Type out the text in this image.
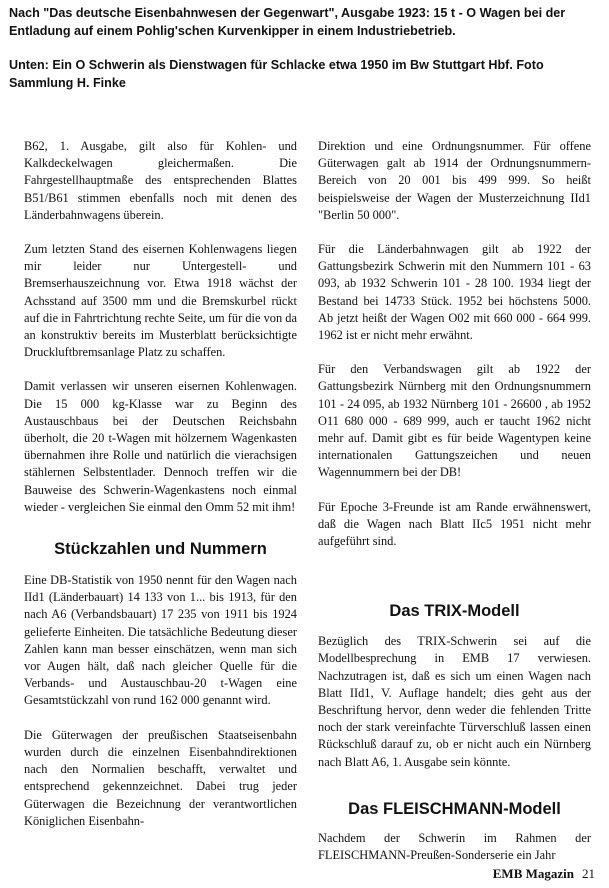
Nach "Das deutsche Eisenbahnwesen der Gegenwart", Ausgabe 1923: 15 t - O Wagen bei der Entladung auf einem Pohlig'schen Kurvenkipper in einem Industriebetrieb.

Unten: Ein O Schwerin als Dienstwagen für Schlacke etwa 1950 im Bw Stuttgart Hbf. Foto Sammlung H. Finke

B62, 1. Ausgabe, gilt also für Kohlen- und Kalkdeckelwagen gleichermaßen. Die Fahrgestellhauptmaße des entsprechenden Blattes B51/B61 stimmen ebenfalls noch mit denen des Länderbahnwagens überein.

Zum letzten Stand des eisernen Kohlenwagens liegen mir leider nur Untergestell- und Bremserhauszeichnung vor. Etwa 1918 wächst der Achsstand auf 3500 mm und die Bremskurbel rückt auf die in Fahrtrichtung rechte Seite, um für die von da an konstruktiv bereits im Musterblatt berücksichtigte Druckluftbremsanlage Platz zu schaffen.

Damit verlassen wir unseren eisernen Kohlenwagen. Die 15 000 kg-Klasse war zu Beginn des Austauschbaus bei der Deutschen Reichsbahn überholt, die 20 t-Wagen mit hölzernem Wagenkasten übernahmen ihre Rolle und natürlich die vierachsigen stählernen Selbstentlader. Dennoch treffen wir die Bauweise des Schwerin-Wagenkastens noch einmal wieder - vergleichen Sie einmal den Omm 52 mit ihm!

Stückzahlen und Nummern

Eine DB-Statistik von 1950 nennt für den Wagen nach IId1 (Länderbauart) 14 133 von 1... bis 1913, für den nach A6 (Verbandsbauart) 17 235 von 1911 bis 1924 gelieferte Einheiten. Die tatsächliche Bedeutung dieser Zahlen kann man besser einschätzen, wenn man sich vor Augen hält, daß nach gleicher Quelle für die Verbands- und Austauschbau-20 t-Wagen eine Gesamtstückzahl von rund 162 000 genannt wird.

Die Güterwagen der preußischen Staatseisenbahn wurden durch die einzelnen Eisenbahndirektionen nach den Normalien beschafft, verwaltet und entsprechend gekennzeichnet. Dabei trug jeder Güterwagen die Bezeichnung der verantwortlichen Königlichen Eisenbahn-

Direktion und eine Ordnungsnummer. Für offene Güterwagen galt ab 1914 der Ordnungsnummern-Bereich von 20 001 bis 499 999. So heißt beispielsweise der Wagen der Musterzeichnung IId1 "Berlin 50 000".

Für die Länderbahnwagen gilt ab 1922 der Gattungsbezirk Schwerin mit den Nummern 101 - 63 093, ab 1932 Schwerin 101 - 28 100. 1934 liegt der Bestand bei 14733 Stück. 1952 bei höchstens 5000. Ab jetzt heißt der Wagen O02 mit 660 000 - 664 999. 1962 ist er nicht mehr erwähnt.

Für den Verbandswagen gilt ab 1922 der Gattungsbezirk Nürnberg mit den Ordnungsnummern 101 - 24 095, ab 1932 Nürnberg 101 - 26600 , ab 1952 O11 680 000 - 689 999, auch er taucht 1962 nicht mehr auf. Damit gibt es für beide Wagentypen keine internationalen Gattungszeichen und neuen Wagennummern bei der DB!

Für Epoche 3-Freunde ist am Rande erwähnenswert, daß die Wagen nach Blatt IIc5 1951 nicht mehr aufgeführt sind.

Das TRIX-Modell

Bezüglich des TRIX-Schwerin sei auf die Modellbesprechung in EMB 17 verwiesen. Nachzutragen ist, daß es sich um einen Wagen nach Blatt IId1, V. Auflage handelt; dies geht aus der Beschriftung hervor, denn weder die fehlenden Tritte noch der stark vereinfachte Türverschluß lassen einen Rückschluß darauf zu, ob er nicht auch ein Nürnberg nach Blatt A6, 1. Ausgabe sein könnte.

Das FLEISCHMANN-Modell

Nachdem der Schwerin im Rahmen der FLEISCHMANN-Preußen-Sonderserie ein Jahr

EMB Magazin 21
